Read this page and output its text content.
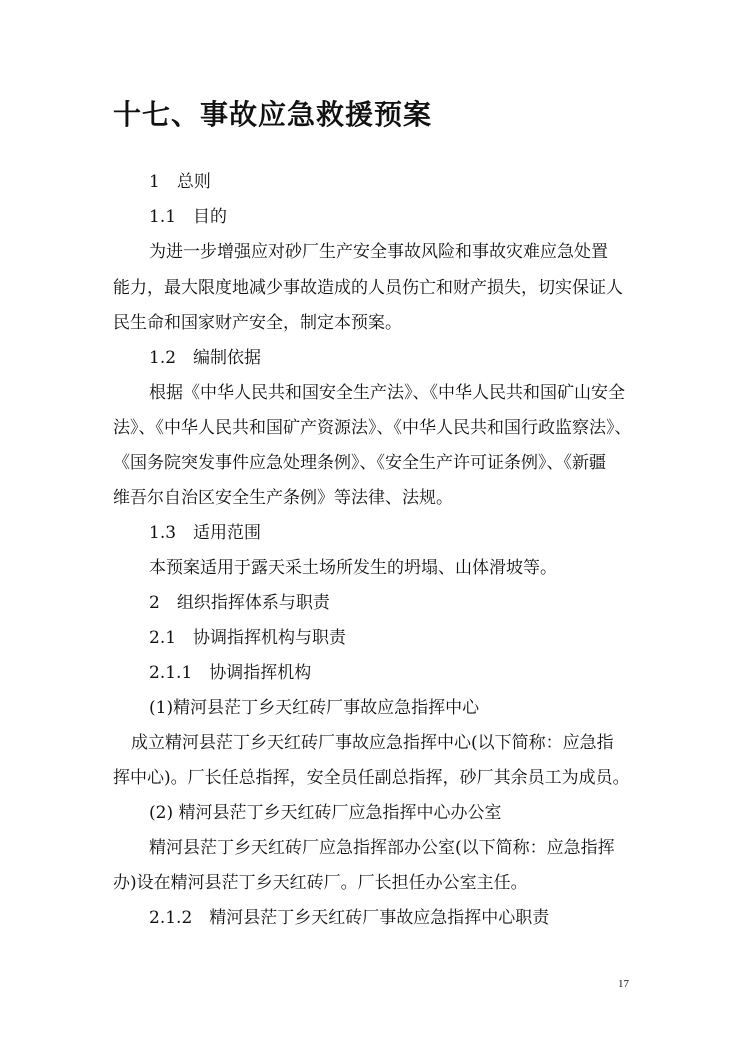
十七、事故应急救援预案
1　总则
1.1　目的
为进一步增强应对砂厂生产安全事故风险和事故灾难应急处置
能力，最大限度地减少事故造成的人员伤亡和财产损失，切实保证人
民生命和国家财产安全，制定本预案。
1.2　编制依据
根据《中华人民共和国安全生产法》、《中华人民共和国矿山安全
法》、《中华人民共和国矿产资源法》、《中华人民共和国行政监察法》、
《国务院突发事件应急处理条例》、《安全生产许可证条例》、《新疆
维吾尔自治区安全生产条例》等法律、法规。
1.3　适用范围
本预案适用于露天采土场所发生的坍塌、山体滑坡等。
2　组织指挥体系与职责
2.1　协调指挥机构与职责
2.1.1　协调指挥机构
(1)精河县茫丁乡天红砖厂事故应急指挥中心
成立精河县茫丁乡天红砖厂事故应急指挥中心(以下简称：应急指
挥中心)。厂长任总指挥，安全员任副总指挥，砂厂其余员工为成员。
(2) 精河县茫丁乡天红砖厂应急指挥中心办公室
精河县茫丁乡天红砖厂应急指挥部办公室(以下简称：应急指挥
办)设在精河县茫丁乡天红砖厂。厂长担任办公室主任。
2.1.2　精河县茫丁乡天红砖厂事故应急指挥中心职责
17
